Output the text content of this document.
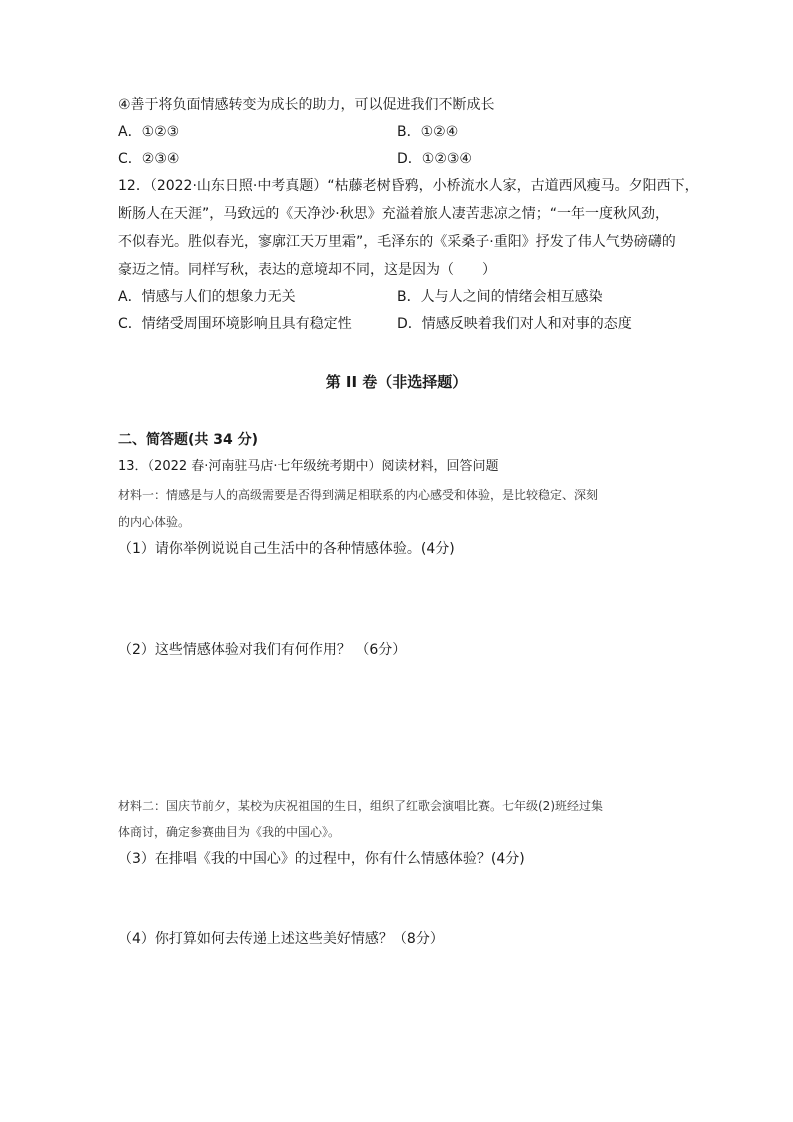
④善于将负面情感转变为成长的助力，可以促进我们不断成长
A．①②③	B．①②④
C．②③④	D．①②③④
12．（2022·山东日照·中考真题）“枯藤老树昏鸦，小桥流水人家，古道西风瘦马。夕阳西下，
断肠人在天涯”，马致远的《天净沙·秋思》充溢着旅人凄苦悲凉之情；“一年一度秋风劲，
不似春光。胜似春光，寥廓江天万里霜”，毛泽东的《采桑子·重阳》抒发了伟人气势磅礴的
豪迈之情。同样写秋，表达的意境却不同，这是因为（　　）
A．情感与人们的想象力无关	B．人与人之间的情绪会相互感染
C．情绪受周围环境影响且具有稳定性	D．情感反映着我们对人和对事的态度
第 II 卷（非选择题）
二、简答题(共 34 分)
13．（2022 春·河南驻马店·七年级统考期中）阅读材料，回答问题
材料一：情感是与人的高级需要是否得到满足相联系的内心感受和体验，是比较稳定、深刻
的内心体验。
（1）请你举例说说自己生活中的各种情感体验。(4分)
（2）这些情感体验对我们有何作用？ （6分）
材料二：国庆节前夕，某校为庆祝祖国的生日，组织了红歌会演唱比赛。七年级(2)班经过集
体商讨，确定参赛曲目为《我的中国心》。
（3）在排唱《我的中国心》的过程中，你有什么情感体验？(4分)
（4）你打算如何去传递上述这些美好情感？（8分）
